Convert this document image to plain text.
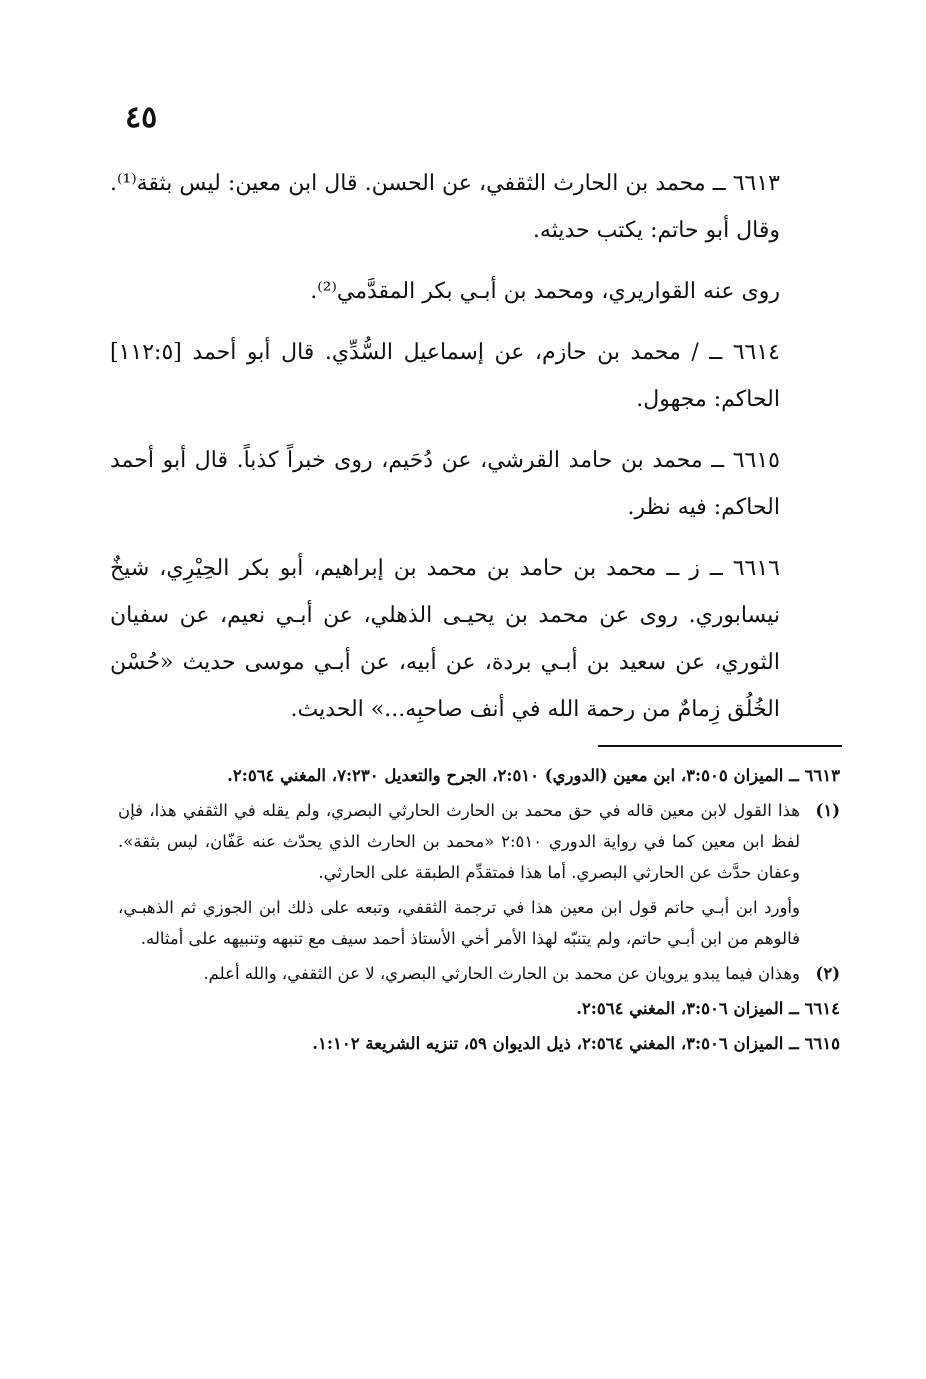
٤٥

٦٦١٣ ــ محمد بن الحارث الثقفي، عن الحسن. قال ابن معين: ليس بثقة⁽¹⁾. وقال أبو حاتم: يكتب حديثه.

روى عنه القواريري، ومحمد بن أبـي بكر المقدَّمي⁽²⁾.

٦٦١٤ ــ / محمد بن حازم، عن إسماعيل السُّدِّي. قال أبو أحمد [١١٢:٥] الحاكم: مجهول.

٦٦١٥ ــ محمد بن حامد القرشي، عن دُحَيم، روى خبراً كذباً. قال أبو أحمد الحاكم: فيه نظر.

٦٦١٦ ــ ز ــ محمد بن حامد بن محمد بن إبراهيم، أبو بكر الحِيْرِي، شيخٌ نيسابوري. روى عن محمد بن يحيـى الذهلي، عن أبـي نعيم، عن سفيان الثوري، عن سعيد بن أبـي بردة، عن أبيه، عن أبـي موسى حديث «حُسْن الخُلُق زِمامٌ من رحمة الله في أنف صاحبِه...» الحديث.

٦٦١٣ ــ الميزان ٣:٥٠٥، ابن معين (الدوري) ٢:٥١٠، الجرح والتعديل ٧:٢٣٠، المغني ٢:٥٦٤.

(١)

هذا القول لابن معين قاله في حق محمد بن الحارث الحارثي البصري، ولم يقله في الثقفي هذا، فإن لفظ ابن معين كما في رواية الدوري ٢:٥١٠ «محمد بن الحارث الذي يحدّث عنه عَفّان، ليس بثقة». وعفان حدَّث عن الحارثي البصري. أما هذا فمتقدِّم الطبقة على الحارثي.

وأورد ابن أبـي حاتم قول ابن معين هذا في ترجمة الثقفي، وتبعه على ذلك ابن الجوزي ثم الذهبـي، فالوهم من ابن أبـي حاتم، ولم يتنبّه لهذا الأمر أخي الأستاذ أحمد سيف مع تنبهه وتنبيهه على أمثاله.

(٢)

وهذان فيما يبدو يرويان عن محمد بن الحارث الحارثي البصري، لا عن الثقفي، والله أعلم.

٦٦١٤ ــ الميزان ٣:٥٠٦، المغني ٢:٥٦٤.

٦٦١٥ ــ الميزان ٣:٥٠٦، المغني ٢:٥٦٤، ذيل الديوان ٥٩، تنزيه الشريعة ١:١٠٢.
